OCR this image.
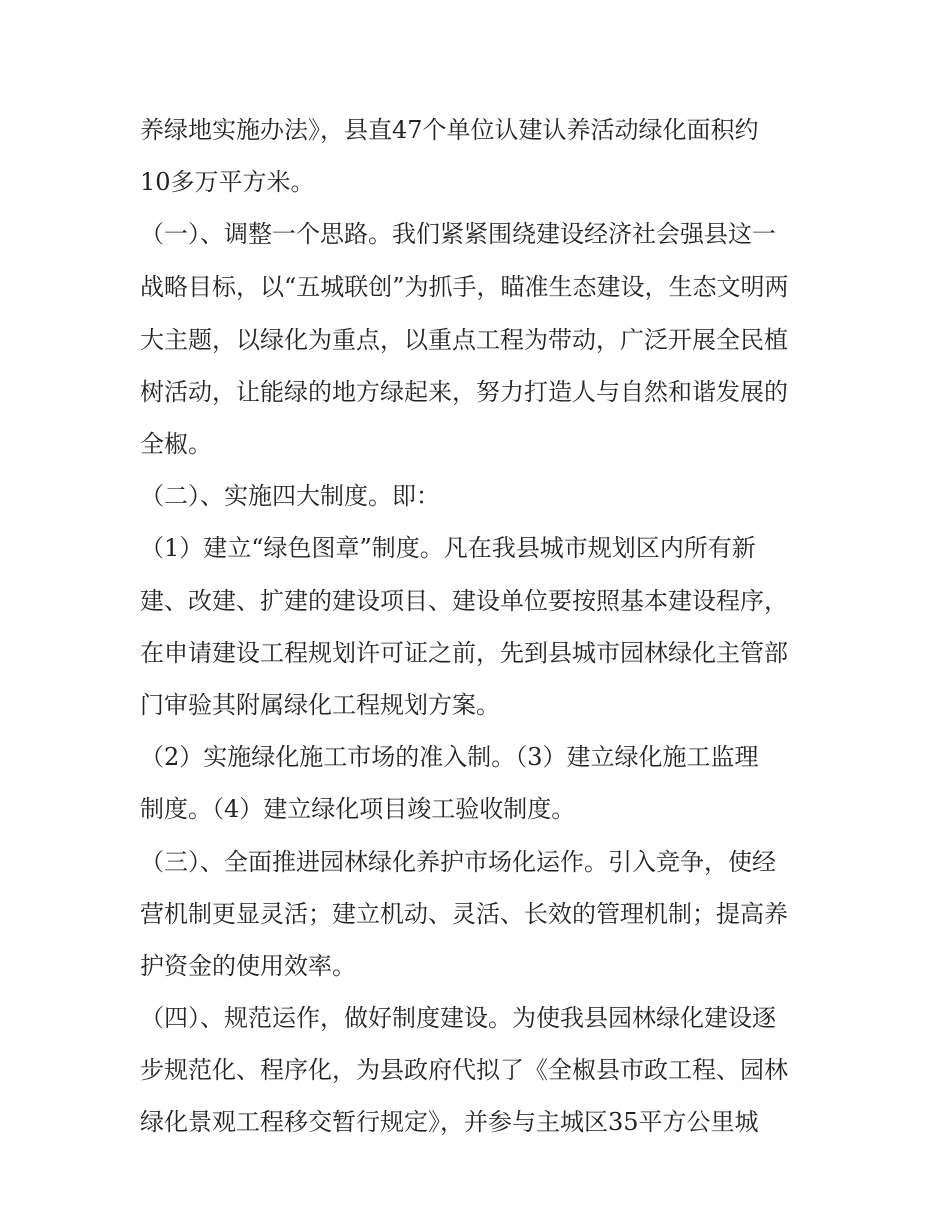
养绿地实施办法》，县直47个单位认建认养活动绿化面积约
10多万平方米。
（一）、调整一个思路。我们紧紧围绕建设经济社会强县这一
战略目标，以“五城联创”为抓手，瞄准生态建设，生态文明两
大主题，以绿化为重点，以重点工程为带动，广泛开展全民植
树活动，让能绿的地方绿起来，努力打造人与自然和谐发展的
全椒。
（二）、实施四大制度。即：
（1）建立“绿色图章”制度。凡在我县城市规划区内所有新
建、改建、扩建的建设项目、建设单位要按照基本建设程序，
在申请建设工程规划许可证之前，先到县城市园林绿化主管部
门审验其附属绿化工程规划方案。
（2）实施绿化施工市场的准入制。（3）建立绿化施工监理
制度。（4）建立绿化项目竣工验收制度。
（三）、全面推进园林绿化养护市场化运作。引入竞争，使经
营机制更显灵活；建立机动、灵活、长效的管理机制；提高养
护资金的使用效率。
（四）、规范运作，做好制度建设。为使我县园林绿化建设逐
步规范化、程序化，为县政府代拟了《全椒县市政工程、园林
绿化景观工程移交暂行规定》，并参与主城区35平方公里城
